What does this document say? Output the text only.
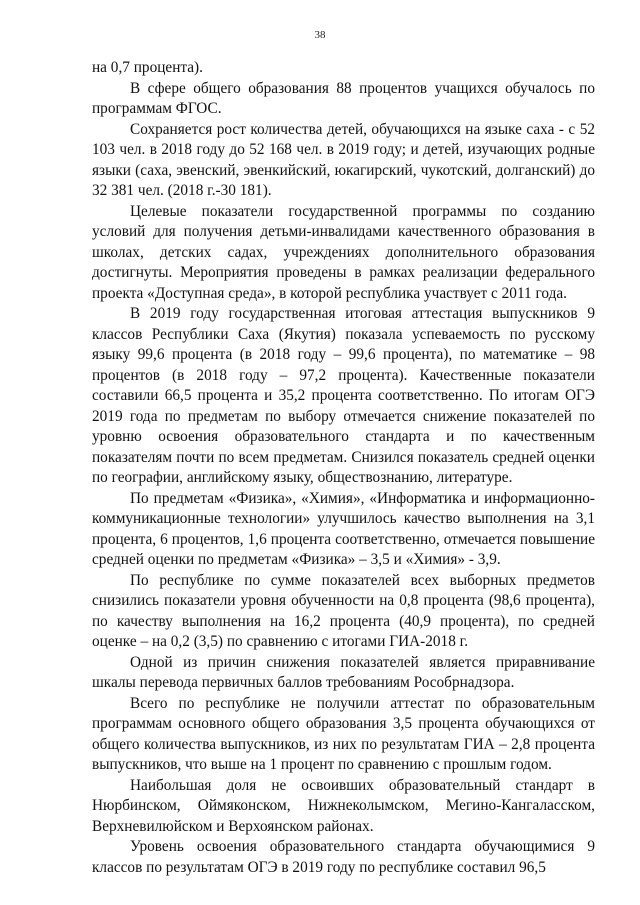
38

на 0,7 процента).

В сфере общего образования 88 процентов учащихся обучалось по программам ФГОС.

Сохраняется рост количества детей, обучающихся на языке саха - с 52 103 чел. в 2018 году до 52 168 чел. в 2019 году; и детей, изучающих родные языки (саха, эвенский, эвенкийский, юкагирский, чукотский, долганский) до 32 381 чел. (2018 г.-30 181).

Целевые показатели государственной программы по созданию условий для получения детьми-инвалидами качественного образования в школах, детских садах, учреждениях дополнительного образования достигнуты. Мероприятия проведены в рамках реализации федерального проекта «Доступная среда», в которой республика участвует с 2011 года.

В 2019 году государственная итоговая аттестация выпускников 9 классов Республики Саха (Якутия) показала успеваемость по русскому языку 99,6 процента (в 2018 году – 99,6 процента), по математике – 98 процентов (в 2018 году – 97,2 процента). Качественные показатели составили 66,5 процента и 35,2 процента соответственно. По итогам ОГЭ 2019 года по предметам по выбору отмечается снижение показателей по уровню освоения образовательного стандарта и по качественным показателям почти по всем предметам. Снизился показатель средней оценки по географии, английскому языку, обществознанию, литературе.

По предметам «Физика», «Химия», «Информатика и информационно-коммуникационные технологии» улучшилось качество выполнения на 3,1 процента, 6 процентов, 1,6 процента соответственно, отмечается повышение средней оценки по предметам «Физика» – 3,5 и «Химия» - 3,9.

По республике по сумме показателей всех выборных предметов снизились показатели уровня обученности на 0,8 процента (98,6 процента), по качеству выполнения на 16,2 процента (40,9 процента), по средней оценке – на 0,2 (3,5) по сравнению с итогами ГИА-2018 г.

Одной из причин снижения показателей является приравнивание шкалы перевода первичных баллов требованиям Рособрнадзора.

Всего по республике не получили аттестат по образовательным программам основного общего образования 3,5 процента обучающихся от общего количества выпускников, из них по результатам ГИА – 2,8 процента выпускников, что выше на 1 процент по сравнению с прошлым годом.

Наибольшая доля не освоивших образовательный стандарт в Нюрбинском, Оймяконском, Нижнеколымском, Мегино-Кангаласском, Верхневилюйском и Верхоянском районах.

Уровень освоения образовательного стандарта обучающимися 9 классов по результатам ОГЭ в 2019 году по республике составил 96,5
